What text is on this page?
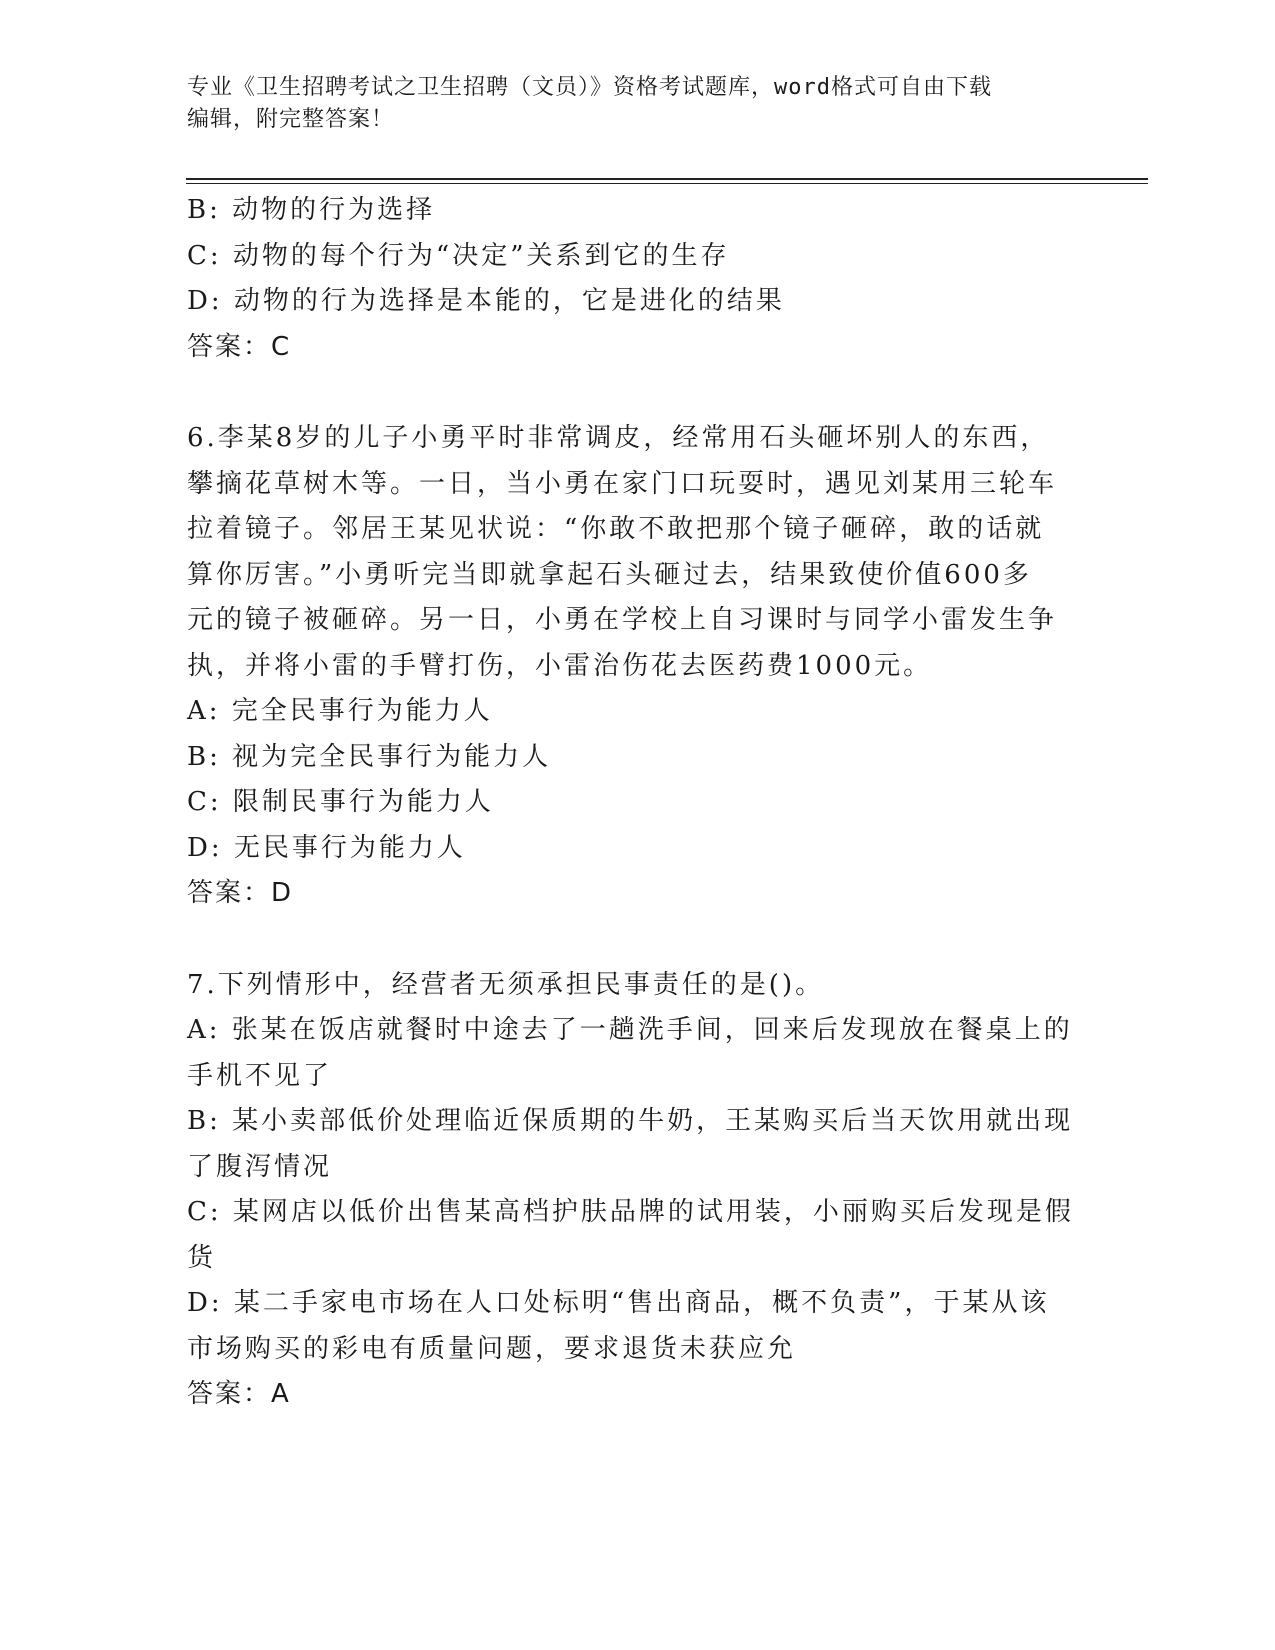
专业《卫生招聘考试之卫生招聘（文员）》资格考试题库，word格式可自由下载
编辑，附完整答案！
B: 动物的行为选择
C: 动物的每个行为“决定”关系到它的生存
D: 动物的行为选择是本能的，它是进化的结果
答案：C
6.李某8岁的儿子小勇平时非常调皮，经常用石头砸坏别人的东西，
攀摘花草树木等。一日，当小勇在家门口玩耍时，遇见刘某用三轮车
拉着镜子。邻居王某见状说：“你敢不敢把那个镜子砸碎，敢的话就
算你厉害。”小勇听完当即就拿起石头砸过去，结果致使价值600多
元的镜子被砸碎。另一日，小勇在学校上自习课时与同学小雷发生争
执，并将小雷的手臂打伤，小雷治伤花去医药费1000元。
A: 完全民事行为能力人
B: 视为完全民事行为能力人
C: 限制民事行为能力人
D: 无民事行为能力人
答案：D
7.下列情形中，经营者无须承担民事责任的是()。
A: 张某在饭店就餐时中途去了一趟洗手间，回来后发现放在餐桌上的
手机不见了
B: 某小卖部低价处理临近保质期的牛奶，王某购买后当天饮用就出现
了腹泻情况
C: 某网店以低价出售某高档护肤品牌的试用装，小丽购买后发现是假
货
D: 某二手家电市场在人口处标明“售出商品，概不负责”，于某从该
市场购买的彩电有质量问题，要求退货未获应允
答案：A
